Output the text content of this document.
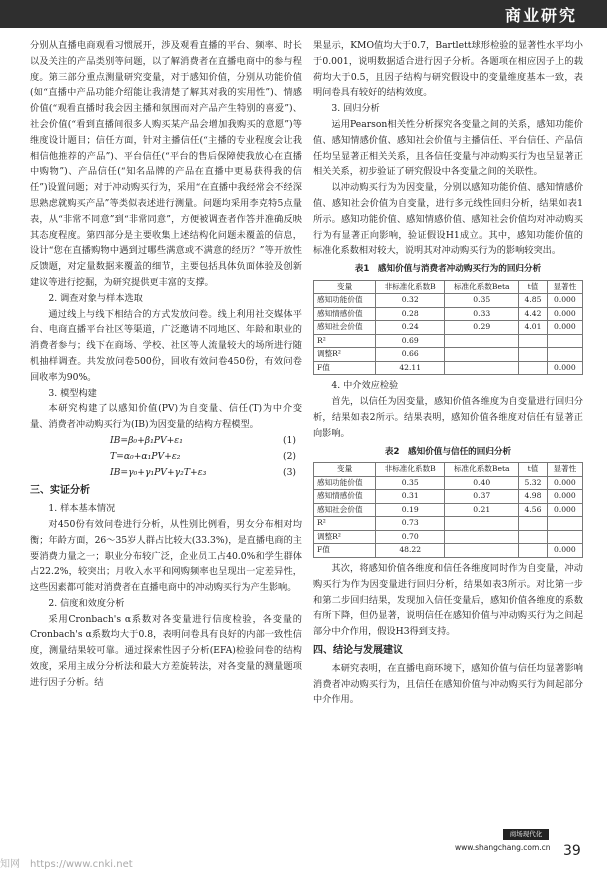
商业研究

分别从直播电商观看习惯展开，涉及观看直播的平台、频率、时长以及关注的产品类别等问题，以了解消费者在直播电商中的参与程度。第三部分重点测量研究变量，对于感知价值，分别从功能价值(如“直播中产品功能介绍能让我清楚了解其对我的实用性”)、情感价值(“观看直播时我会因主播和氛围而对产品产生特别的喜爱”)、社会价值(“看到直播间很多人购买某产品会增加我购买的意愿”)等维度设计题目；信任方面，针对主播信任(“主播的专业程度会让我相信他推荐的产品”)、平台信任(“平台的售后保障使我放心在直播中购物”)、产品信任(“知名品牌的产品在直播中更易获得我的信任”)设置问题；对于冲动购买行为，采用“在直播中我经常会不经深思熟虑就购买产品”等类似表述进行测量。问题均采用李克特5点量表，从“非常不同意”到“非常同意”，方便被调查者作答并准确反映其态度程度。第四部分是主要收集上述结构化问题未覆盖的信息，设计“您在直播购物中遇到过哪些满意或不满意的经历？”等开放性反馈题，对定量数据来覆盖的细节，主要包括具体负面体验及创新建议等进行挖掘，为研究提供更丰富的支撑。

2. 调查对象与样本选取

通过线上与线下相结合的方式发放问卷。线上利用社交媒体平台、电商直播平台社区等渠道，广泛邀请不同地区、年龄和职业的消费者参与；线下在商场、学校、社区等人流量较大的场所进行随机抽样调查。共发放问卷500份，回收有效问卷450份，有效问卷回收率为90%。

3. 模型构建

本研究构建了以感知价值(PV)为自变量、信任(T)为中介变量、消费者冲动购买行为(IB)为因变量的结构方程模型。

IB=β₀+β₁PV+ε₁	(1)
T=α₀+α₁PV+ε₂	(2)
IB=γ₀+γ₁PV+γ₂T+ε₃	(3)
三、实证分析
1. 样本基本情况

对450份有效问卷进行分析，从性别比例看，男女分布相对均衡；年龄方面，26～35岁人群占比较大(33.3%)，是直播电商的主要消费力量之一；职业分布较广泛，企业员工占40.0%和学生群体占22.2%，较突出；月收入水平和网购频率也呈现出一定差异性，这些因素都可能对消费者在直播电商中的冲动购买行为产生影响。

2. 信度和效度分析

采用Cronbach's α系数对各变量进行信度检验，各变量的Cronbach's α系数均大于0.8，表明问卷具有良好的内部一致性信度，测量结果较可靠。通过探索性因子分析(EFA)检验问卷的结构效度，采用主成分分析法和最大方差旋转法，对各变量的测量题项进行因子分析。结

果显示，KMO值均大于0.7，Bartlett球形检验的显著性水平均小于0.001，说明数据适合进行因子分析。各题项在相应因子上的载荷均大于0.5，且因子结构与研究假设中的变量维度基本一致，表明问卷具有较好的结构效度。

3. 回归分析

运用Pearson相关性分析探究各变量之间的关系，感知功能价值、感知情感价值、感知社会价值与主播信任、平台信任、产品信任均呈显著正相关关系，且各信任变量与冲动购买行为也呈显著正相关关系，初步验证了研究假设中各变量之间的关联性。

以冲动购买行为为因变量，分别以感知功能价值、感知情感价值、感知社会价值为自变量，进行多元线性回归分析，结果如表1所示。感知功能价值、感知情感价值、感知社会价值均对冲动购买行为有显著正向影响，验证假设H1成立。其中，感知功能价值的标准化系数相对较大，说明其对冲动购买行为的影响较突出。

表1　感知价值与消费者冲动购买行为的回归分析
变量	非标准化系数B	标准化系数Beta	t值	显著性
感知功能价值	0.32	0.35	4.85	0.000
感知情感价值	0.28	0.33	4.42	0.000
感知社会价值	0.24	0.29	4.01	0.000
R²	0.69			
调整R²	0.66			
F值	42.11			0.000
4. 中介效应检验

首先，以信任为因变量，感知价值各维度为自变量进行回归分析，结果如表2所示。结果表明，感知价值各维度对信任有显著正向影响。

表2　感知价值与信任的回归分析
变量	非标准化系数B	标准化系数Beta	t值	显著性
感知功能价值	0.35	0.40	5.32	0.000
感知情感价值	0.31	0.37	4.98	0.000
感知社会价值	0.19	0.21	4.56	0.000
R²	0.73			
调整R²	0.70			
F值	48.22			0.000

其次，将感知价值各维度和信任各维度同时作为自变量，冲动购买行为作为因变量进行回归分析，结果如表3所示。对比第一步和第二步回归结果，发现加入信任变量后，感知价值各维度的系数有所下降，但仍显著，说明信任在感知价值与冲动购买行为之间起部分中介作用，假设H3得到支持。

四、结论与发展建议

本研究表明，在直播电商环境下，感知价值与信任均显著影响消费者冲动购买行为，且信任在感知价值与冲动购买行为间起部分中介作用。

商场现代化
www.shangchang.com.cn 39
知网　https://www.cnki.net
